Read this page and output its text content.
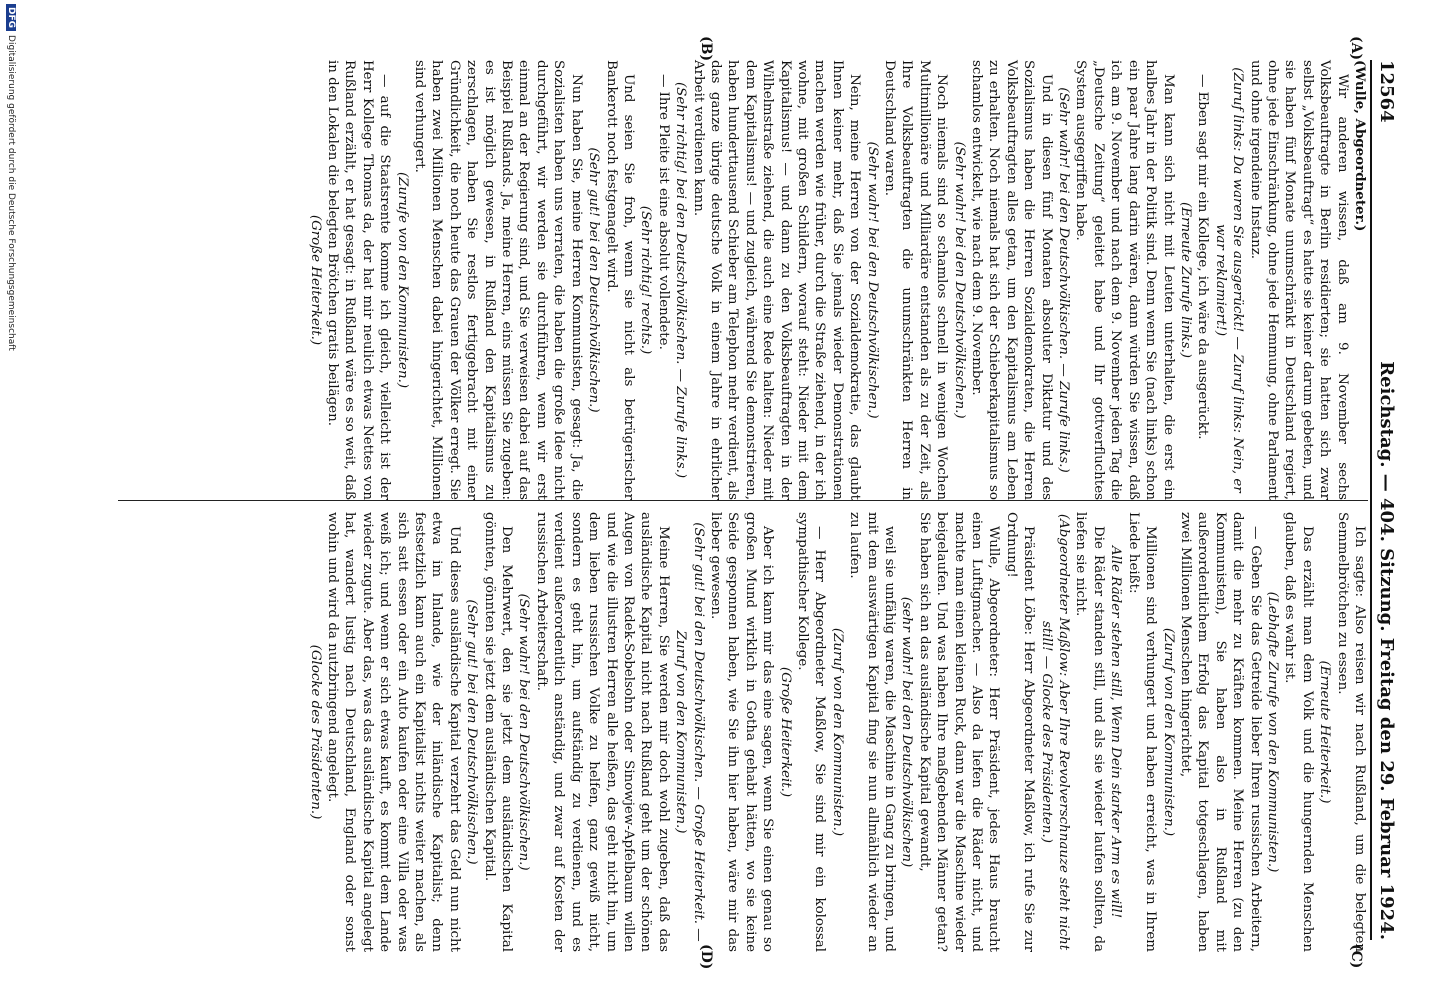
12564
Reichstag. — 404. Sitzung. Freitag den 29. Februar 1924.
(A)
(B)
(C)
(D)

(Wulle, Abgeordneter.)

Wir anderen wissen, daß am 9. November sechs Volksbeauftragte in Berlin residierten; sie hatten sich zwar selbst „Volksbeauftragt“ es hatte sie keiner darum gebeten, und sie haben fünf Monate unumschränkt in Deutschland regiert, ohne jede Einschränkung, ohne jede Hemmung, ohne Parlament und ohne irgendeine Instanz.

(Zuruf links: Da waren Sie ausgerückt! — Zuruf links: Nein, er war reklamiert!)

— Eben sagt mir ein Kollege, ich wäre da ausgerückt.

(Erneute Zurufe links.)

Man kann sich nicht mit Leuten unterhalten, die erst ein halbes Jahr in der Politik sind. Denn wenn Sie (nach links) schon ein paar Jahre lang darin wären, dann würden Sie wissen, daß ich am 9. November und nach dem 9. November jeden Tag die „Deutsche Zeitung“ geleitet habe und Ihr gottverfluchtes System ausgegriffen habe.

(Sehr wahr! bei den Deutschvölkischen. — Zurufe links.)

Und in diesen fünf Monaten absoluter Diktatur und des Sozialismus haben die Herren Sozialdemokraten, die Herren Volksbeauftragten alles getan, um den Kapitalismus am Leben zu erhalten. Noch niemals hat sich der Schieberkapitalismus so schamlos entwickelt, wie nach dem 9. November.

(Sehr wahr! bei den Deutschvölkischen.)

Noch niemals sind so schamlos schnell in wenigen Wochen Multimillionäre und Milliardäre entstanden als zu der Zeit, als Ihre Volksbeauftragten die unumschränkten Herren in Deutschland waren.

(Sehr wahr! bei den Deutschvölkischen.)

Nein, meine Herren von der Sozialdemokratie, das glaubt Ihnen keiner mehr, daß Sie jemals wieder Demonstrationen machen werden wie früher, durch die Straße ziehend, in der ich wohne, mit großen Schildern, worauf steht: Nieder mit dem Kapitalismus! — und dann zu den Volksbeauftragten in der Wilhelmstraße ziehend, die auch eine Rede halten: Nieder mit dem Kapitalismus! — und zugleich, während Sie demonstrieren, haben hunderttausend Schieber am Telephon mehr verdient, als das ganze übrige deutsche Volk in einem Jahre in ehrlicher Arbeit verdienen kann.

(Sehr richtig! bei den Deutschvölkischen. — Zurufe links.)

— Ihre Pleite ist eine absolut vollendete.

(Sehr richtig! rechts.)

Und seien Sie froh, wenn sie nicht als betrügerischer Bankerott noch festgenagelt wird.

(Sehr gut! bei den Deutschvölkischen.)

Nun haben Sie, meine Herren Kommunisten, gesagt: Ja, die Sozialisten haben uns verraten, die haben die große Idee nicht durchgeführt, wir werden sie durchführen, wenn wir erst einmal an der Regierung sind, und Sie verweisen dabei auf das Beispiel Rußlands. Ja, meine Herren, eins müssen Sie zugeben: es ist möglich gewesen, in Rußland den Kapitalismus zu zerschlagen, haben Sie restlos fertiggebracht mit einer Gründlichkeit, die noch heute das Grauen der Völker erregt. Sie haben zwei Millionen Menschen dabei hingerichtet, Millionen sind verhungert.

(Zurufe von den Kommunisten.)

— auf die Staatsrente komme ich gleich, vielleicht ist der Herr Kollege Thomas da, der hat mir neulich etwas Nettes von Rußland erzählt, er hat gesagt: in Rußland wäre es so weit, daß in den Lokalen die belegten Brötchen gratis beilägen.

(Große Heiterkeit.)

Ich sagte: Also reisen wir nach Rußland, um die belegten Semmelbrötchen zu essen.

(Erneute Heiterkeit.)

Das erzählt man dem Volk und die hungernden Menschen glauben, daß es wahr ist.

(Lebhafte Zurufe von den Kommunisten.)

— Geben Sie das Getreide lieber Ihren russischen Arbeitern, damit die mehr zu Kräften kommen. Meine Herren (zu den Kommunisten), Sie haben also in Rußland mit außerordentlichem Erfolg das Kapital totgeschlagen, haben zwei Millionen Menschen hingerichtet,

(Zuruf von den Kommunisten.)

Millionen sind verhungert und haben erreicht, was in Ihrem Liede heißt:

Alle Räder stehen still, Wenn Dein starker Arm es will!

Die Räder standen still, und als sie wieder laufen sollten, da liefen sie nicht.

(Abgeordneter Maßlow: Aber Ihre Revolverschnauze steht nicht still! — Glocke des Präsidenten.)

Präsident Löbe: Herr Abgeordneter Maßlow, ich rufe Sie zur Ordnung!

Wulle, Abgeordneter: Herr Präsident, jedes Haus braucht einen Luftigmacher. — Also da liefen die Räder nicht, und machte man einen kleinen Ruck, dann war die Maschine wieder beigelaufen. Und was haben Ihre maßgebenden Männer getan? Sie haben sich an das ausländische Kapital gewandt,

(sehr wahr! bei den Deutschvölkischen)

weil sie unfähig waren, die Maschine in Gang zu bringen, und mit dem auswärtigen Kapital fing sie nun allmählich wieder an zu laufen.

(Zuruf von den Kommunisten.)

— Herr Abgeordneter Maßlow, Sie sind mir ein kolossal sympathischer Kollege.

(Große Heiterkeit.)

Aber ich kann mir das eine sagen, wenn Sie einen genau so großen Mund wirklich in Gotha gehabt hätten, wo sie keine Seide gesponnen haben, wie Sie ihn hier haben, wäre mir das lieber gewesen.

(Sehr gut! bei den Deutschvölkischen. — Große Heiterkeit. — Zuruf von den Kommunisten.)

Meine Herren, Sie werden mir doch wohl zugeben, daß das ausländische Kapital nicht nach Rußland geht um der schönen Augen von Radek-Sobelsohn oder Sinowjew-Apfelbaum willen und wie die illustren Herren alle heißen, das geht nicht hin, um dem lieben russischen Volke zu helfen, ganz gewiß nicht, sondern es geht hin, um aufständig zu verdienen, und es verdient außerordentlich anständig, und zwar auf Kosten der russischen Arbeiterschaft.

(Sehr wahr! bei den Deutschvölkischen.)

Den Mehrwert, den sie jetzt dem ausländischen Kapital gönnten, gönnten sie jetzt dem ausländischen Kapital.

(Sehr gut! bei den Deutschvölkischen.)

Und dieses ausländische Kapital verzehrt das Geld nun nicht etwa im Inlande, wie der inländische Kapitalist; denn festsetzlich kann auch ein Kapitalist nichts weiter machen, als sich satt essen oder ein Auto kaufen oder eine Villa oder was weiß ich; und wenn er sich etwas kauft, es kommt dem Lande wieder zugute. Aber das, was das ausländische Kapital angelegt hat, wandert lustig nach Deutschland, England oder sonst wohin und wird da nutzbringend angelegt.

(Glocke des Präsidenten.)

DFGDigitalisierung gefördert durch die Deutsche Forschungsgemeinschaft
